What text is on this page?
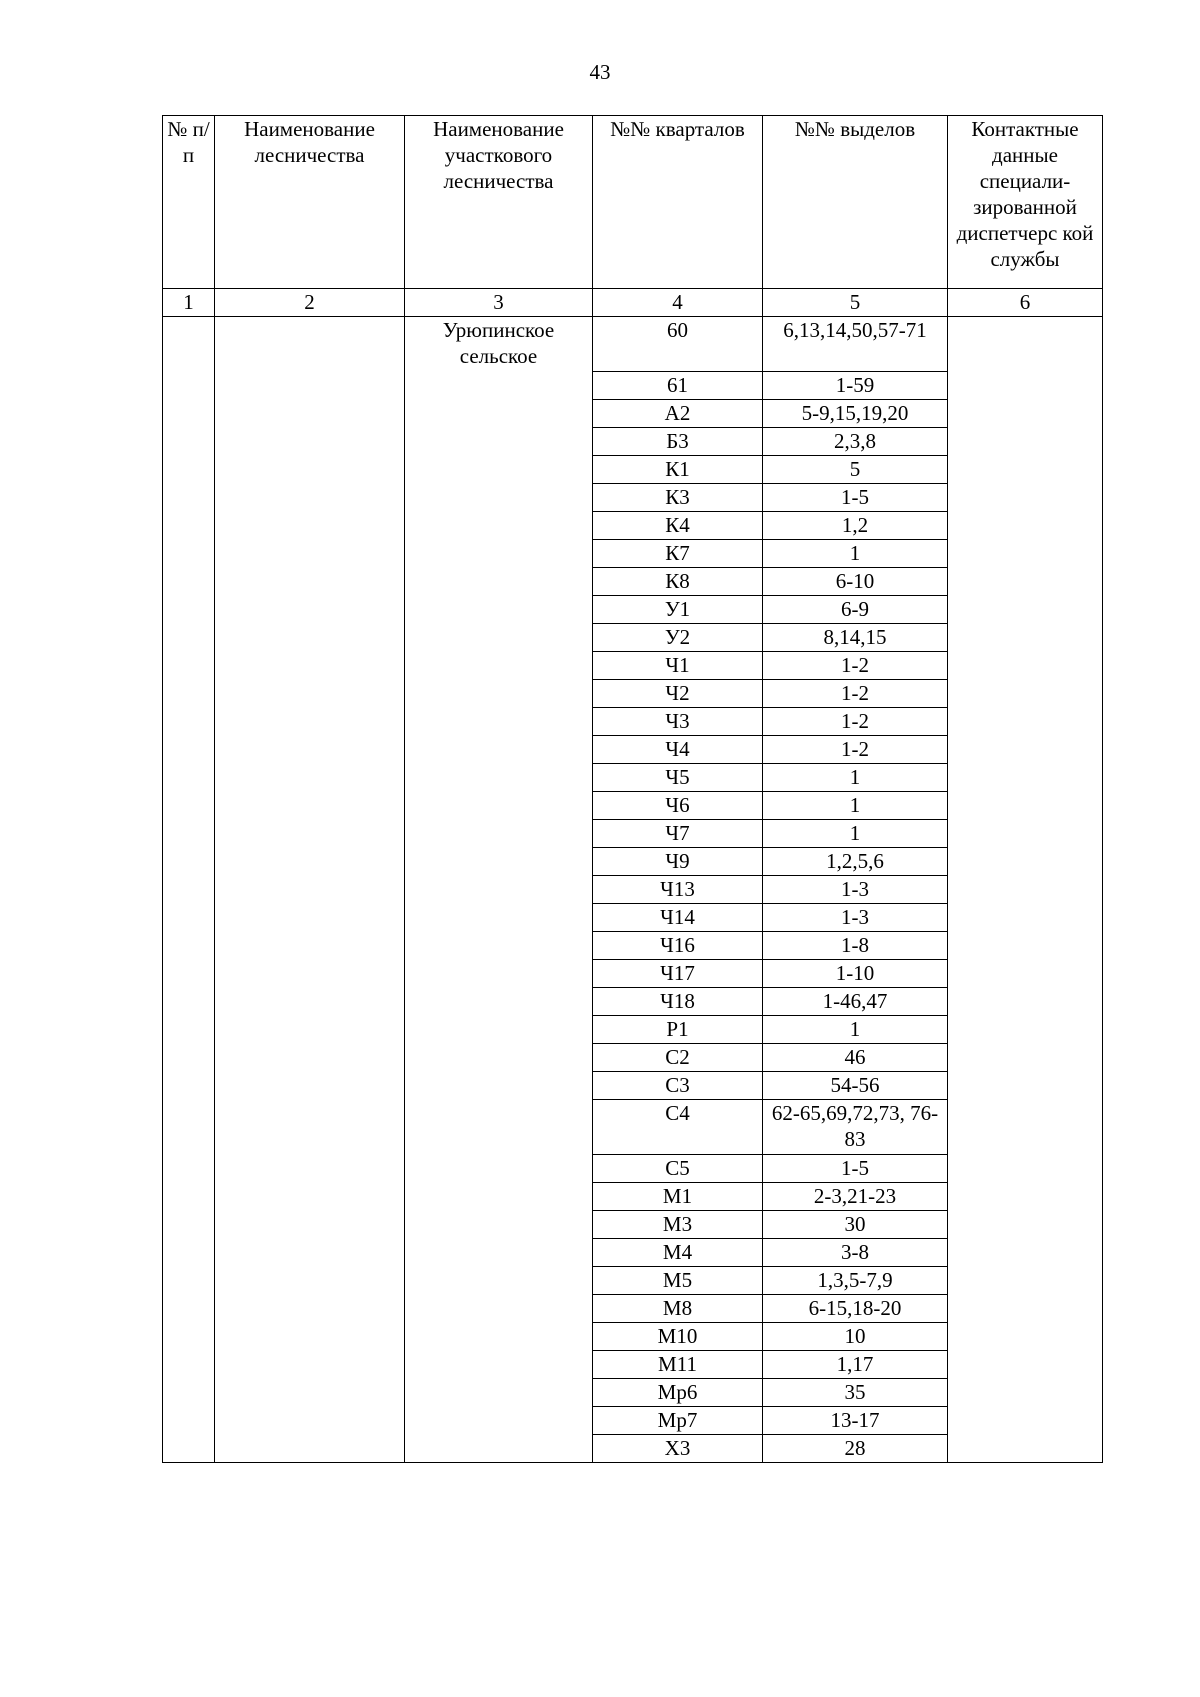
43
№ п/п	Наименование лесничества	Наименование участкового лесничества	№№ кварталов	№№ выделов	Контактные данные специали-зированной диспетчерс кой службы
1	2	3	4	5	6
		Урюпинское сельское	60	6,13,14,50,57-71	
			61	1-59	
			А2	5-9,15,19,20	
			Б3	2,3,8	
			К1	5	
			К3	1-5	
			К4	1,2	
			К7	1	
			К8	6-10	
			У1	6-9	
			У2	8,14,15	
			Ч1	1-2	
			Ч2	1-2	
			Ч3	1-2	
			Ч4	1-2	
			Ч5	1	
			Ч6	1	
			Ч7	1	
			Ч9	1,2,5,6	
			Ч13	1-3	
			Ч14	1-3	
			Ч16	1-8	
			Ч17	1-10	
			Ч18	1-46,47	
			Р1	1	
			С2	46	
			С3	54-56	
			С4	62-65,69,72,73, 76-83	
			С5	1-5	
			М1	2-3,21-23	
			М3	30	
			М4	3-8	
			М5	1,3,5-7,9	
			М8	6-15,18-20	
			М10	10	
			М11	1,17	
			Мр6	35	
			Мр7	13-17	
			Х3	28	
